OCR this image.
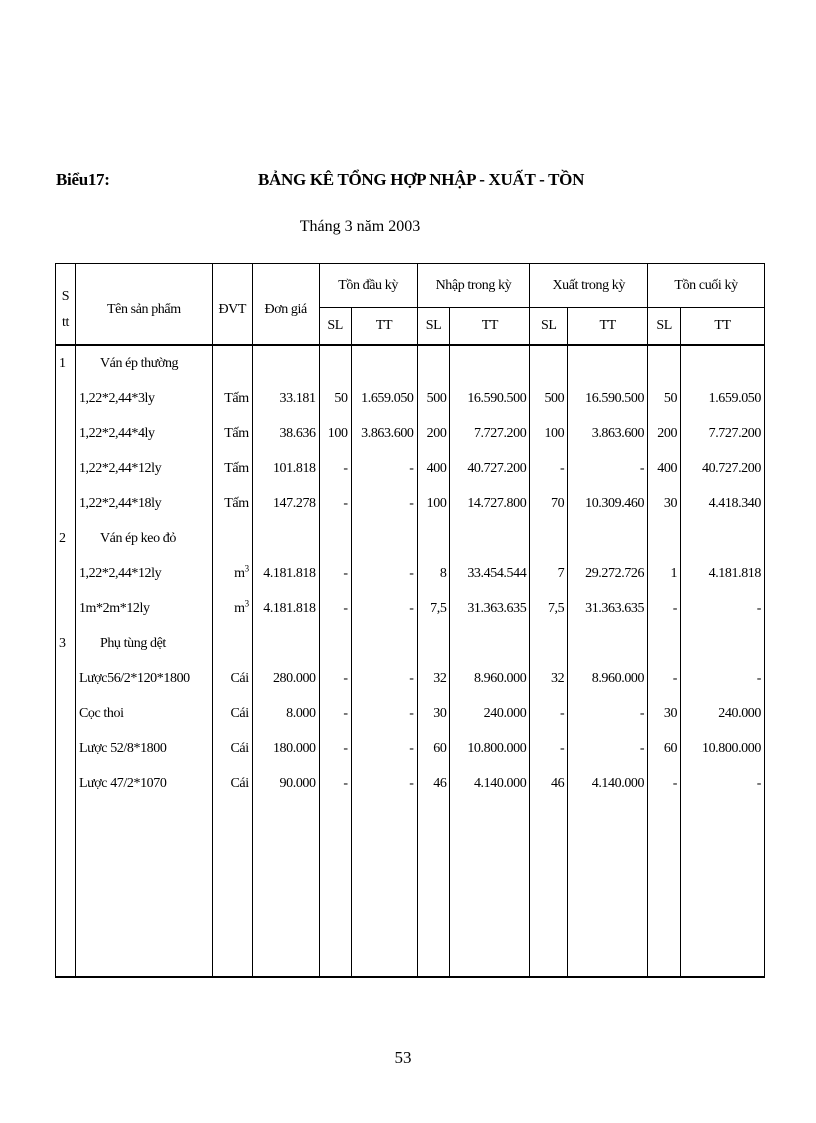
Biểu17:	BẢNG KÊ TỔNG HỢP NHẬP - XUẤT - TỒN
Tháng 3 năm 2003
S
tt	Tên sản phẩm	ĐVT	Đơn giá	Tồn đầu kỳ		Nhập trong kỳ		Xuất trong kỳ		Tồn cuối kỳ	
				SL	TT	SL	TT	SL	TT	SL	TT
1	Ván ép thường										
	1,22*2,44*3ly	Tấm	33.181	50	1.659.050	500	16.590.500	500	16.590.500	50	1.659.050
	1,22*2,44*4ly	Tấm	38.636	100	3.863.600	200	7.727.200	100	3.863.600	200	7.727.200
	1,22*2,44*12ly	Tấm	101.818	-	-	400	40.727.200	-	-	400	40.727.200
	1,22*2,44*18ly	Tấm	147.278	-	-	100	14.727.800	70	10.309.460	30	4.418.340
2	Ván ép keo đỏ										
	1,22*2,44*12ly	$m^3$	4.181.818	-	-	8	33.454.544	7	29.272.726	1	4.181.818
	1m*2m*12ly	$m^3$	4.181.818	-	-	7,5	31.363.635	7,5	31.363.635	-	-
3	Phụ tùng dệt										
	Lược56/2*120*1800	Cái	280.000	-	-	32	8.960.000	32	8.960.000	-	-
	Cọc thoi	Cái	8.000	-	-	30	240.000	-	-	30	240.000
	Lược 52/8*1800	Cái	180.000	-	-	60	10.800.000	-	-	60	10.800.000
	Lược 47/2*1070	Cái	90.000	-	-	46	4.140.000	46	4.140.000	-	-

53
